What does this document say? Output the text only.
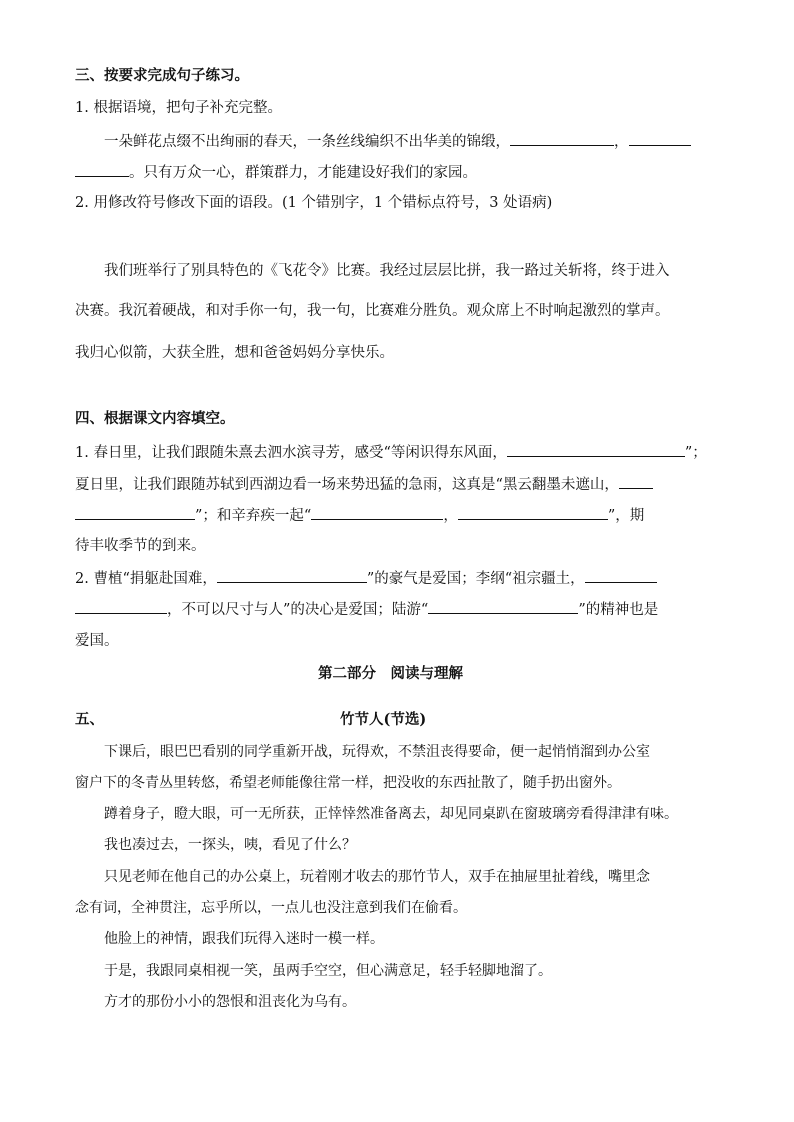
三、按要求完成句子练习。
1. 根据语境，把句子补充完整。
一朵鲜花点缀不出绚丽的春天，一条丝线编织不出华美的锦缎，	，
。只有万众一心，群策群力，才能建设好我们的家园。
2. 用修改符号修改下面的语段。(1 个错别字，1 个错标点符号，3 处语病)
我们班举行了别具特色的《飞花令》比赛。我经过层层比拼，我一路过关斩将，终于进入
决赛。我沉着硬战，和对手你一句，我一句，比赛难分胜负。观众席上不时响起激烈的掌声。
我归心似箭，大获全胜，想和爸爸妈妈分享快乐。
四、根据课文内容填空。
1. 春日里，让我们跟随朱熹去泗水滨寻芳，感受“等闲识得东风面，	”；
夏日里，让我们跟随苏轼到西湖边看一场来势迅猛的急雨，这真是“黑云翻墨未遮山，
”；和辛弃疾一起“	，	”，期
待丰收季节的到来。
2. 曹植“捐躯赴国难，	”的豪气是爱国；李纲“祖宗疆土，
，不可以尺寸与人”的决心是爱国；陆游“	”的精神也是
爱国。
第二部分　阅读与理解
五、	竹节人(节选)
下课后，眼巴巴看别的同学重新开战，玩得欢，不禁沮丧得要命，便一起悄悄溜到办公室
窗户下的冬青丛里转悠，希望老师能像往常一样，把没收的东西扯散了，随手扔出窗外。
蹲着身子，瞪大眼，可一无所获，正悻悻然准备离去，却见同桌趴在窗玻璃旁看得津津有味。
我也凑过去，一探头，咦，看见了什么？
只见老师在他自己的办公桌上，玩着刚才收去的那竹节人，双手在抽屉里扯着线，嘴里念
念有词，全神贯注，忘乎所以，一点儿也没注意到我们在偷看。
他脸上的神情，跟我们玩得入迷时一模一样。
于是，我跟同桌相视一笑，虽两手空空，但心满意足，轻手轻脚地溜了。
方才的那份小小的怨恨和沮丧化为乌有。
